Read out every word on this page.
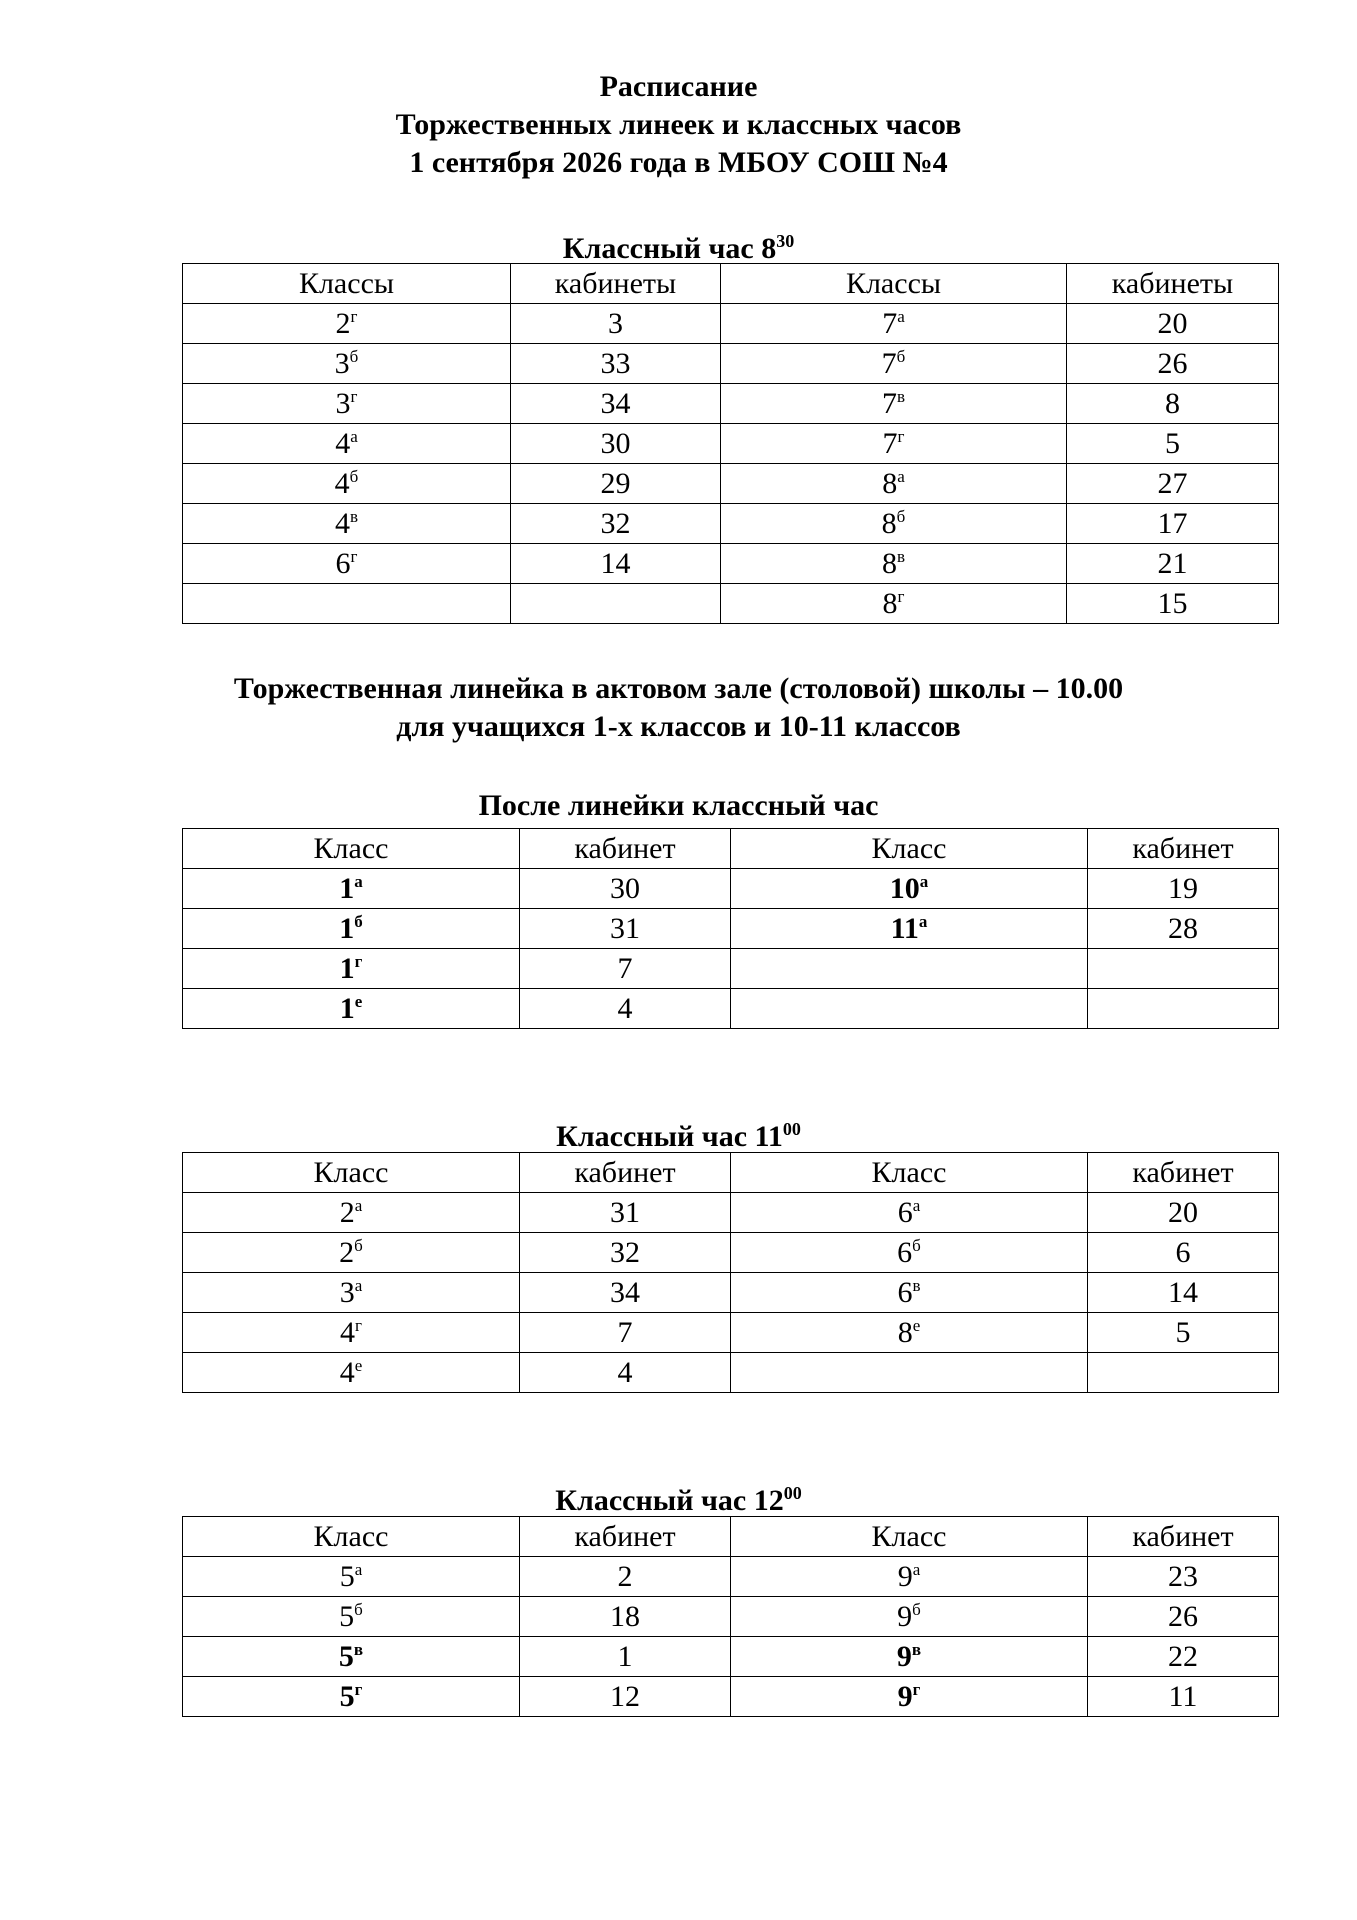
Расписание
Торжественных линеек и классных часов
1 сентября 2026 года в МБОУ СОШ №4
Классный час $8^{30}$
Классы	кабинеты	Классы	кабинеты
$2^г$	3	$7^а$	20
$3^б$	33	$7^б$	26
$3^г$	34	$7^в$	8
$4^а$	30	$7^г$	5
$4^б$	29	$8^а$	27
$4^в$	32	$8^б$	17
$6^г$	14	$8^в$	21
		$8^г$	15
Торжественная линейка в актовом зале (столовой) школы – 10.00
для учащихся 1-х классов и 10-11 классов
После линейки классный час
Класс	кабинет	Класс	кабинет
$1^а$	30	$10^а$	19
$1^б$	31	$11^а$	28
$1^г$	7		
$1^е$	4		
Классный час $11^{00}$
Класс	кабинет	Класс	кабинет
$2^а$	31	$6^а$	20
$2^б$	32	$6^б$	6
$3^а$	34	$6^в$	14
$4^г$	7	$8^е$	5
$4^е$	4		
Классный час $12^{00}$
Класс	кабинет	Класс	кабинет
$5^а$	2	$9^а$	23
$5^б$	18	$9^б$	26
$5^в$	1	$9^в$	22
$5^г$	12	$9^г$	11
